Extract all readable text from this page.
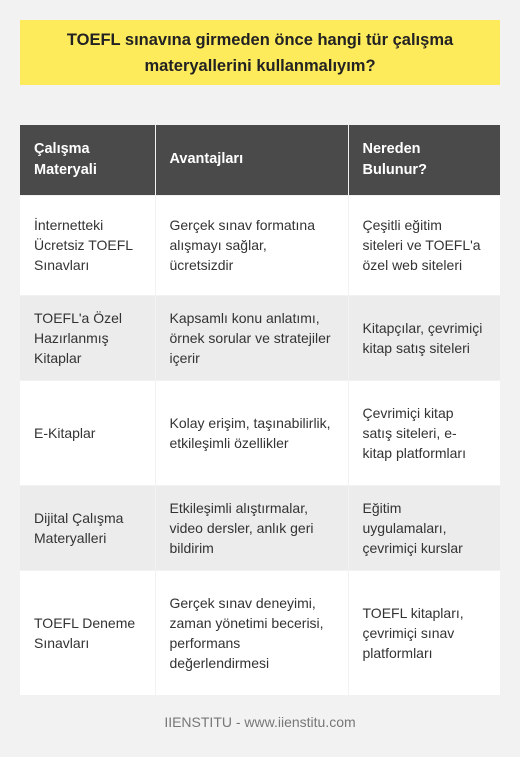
TOEFL sınavına girmeden önce hangi tür çalışma materyallerini kullanmalıyım?
Çalışma Materyali	Avantajları	Nereden Bulunur?
İnternetteki Ücretsiz TOEFL Sınavları	Gerçek sınav formatına alışmayı sağlar, ücretsizdir	Çeşitli eğitim siteleri ve TOEFL'a özel web siteleri
TOEFL'a Özel Hazırlanmış Kitaplar	Kapsamlı konu anlatımı, örnek sorular ve stratejiler içerir	Kitapçılar, çevrimiçi kitap satış siteleri
E-Kitaplar	Kolay erişim, taşınabilirlik, etkileşimli özellikler	Çevrimiçi kitap satış siteleri, e-kitap platformları
Dijital Çalışma Materyalleri	Etkileşimli alıştırmalar, video dersler, anlık geri bildirim	Eğitim uygulamaları, çevrimiçi kurslar
TOEFL Deneme Sınavları	Gerçek sınav deneyimi, zaman yönetimi becerisi, performans değerlendirmesi	TOEFL kitapları, çevrimiçi sınav platformları
IIENSTITU - www.iienstitu.com
